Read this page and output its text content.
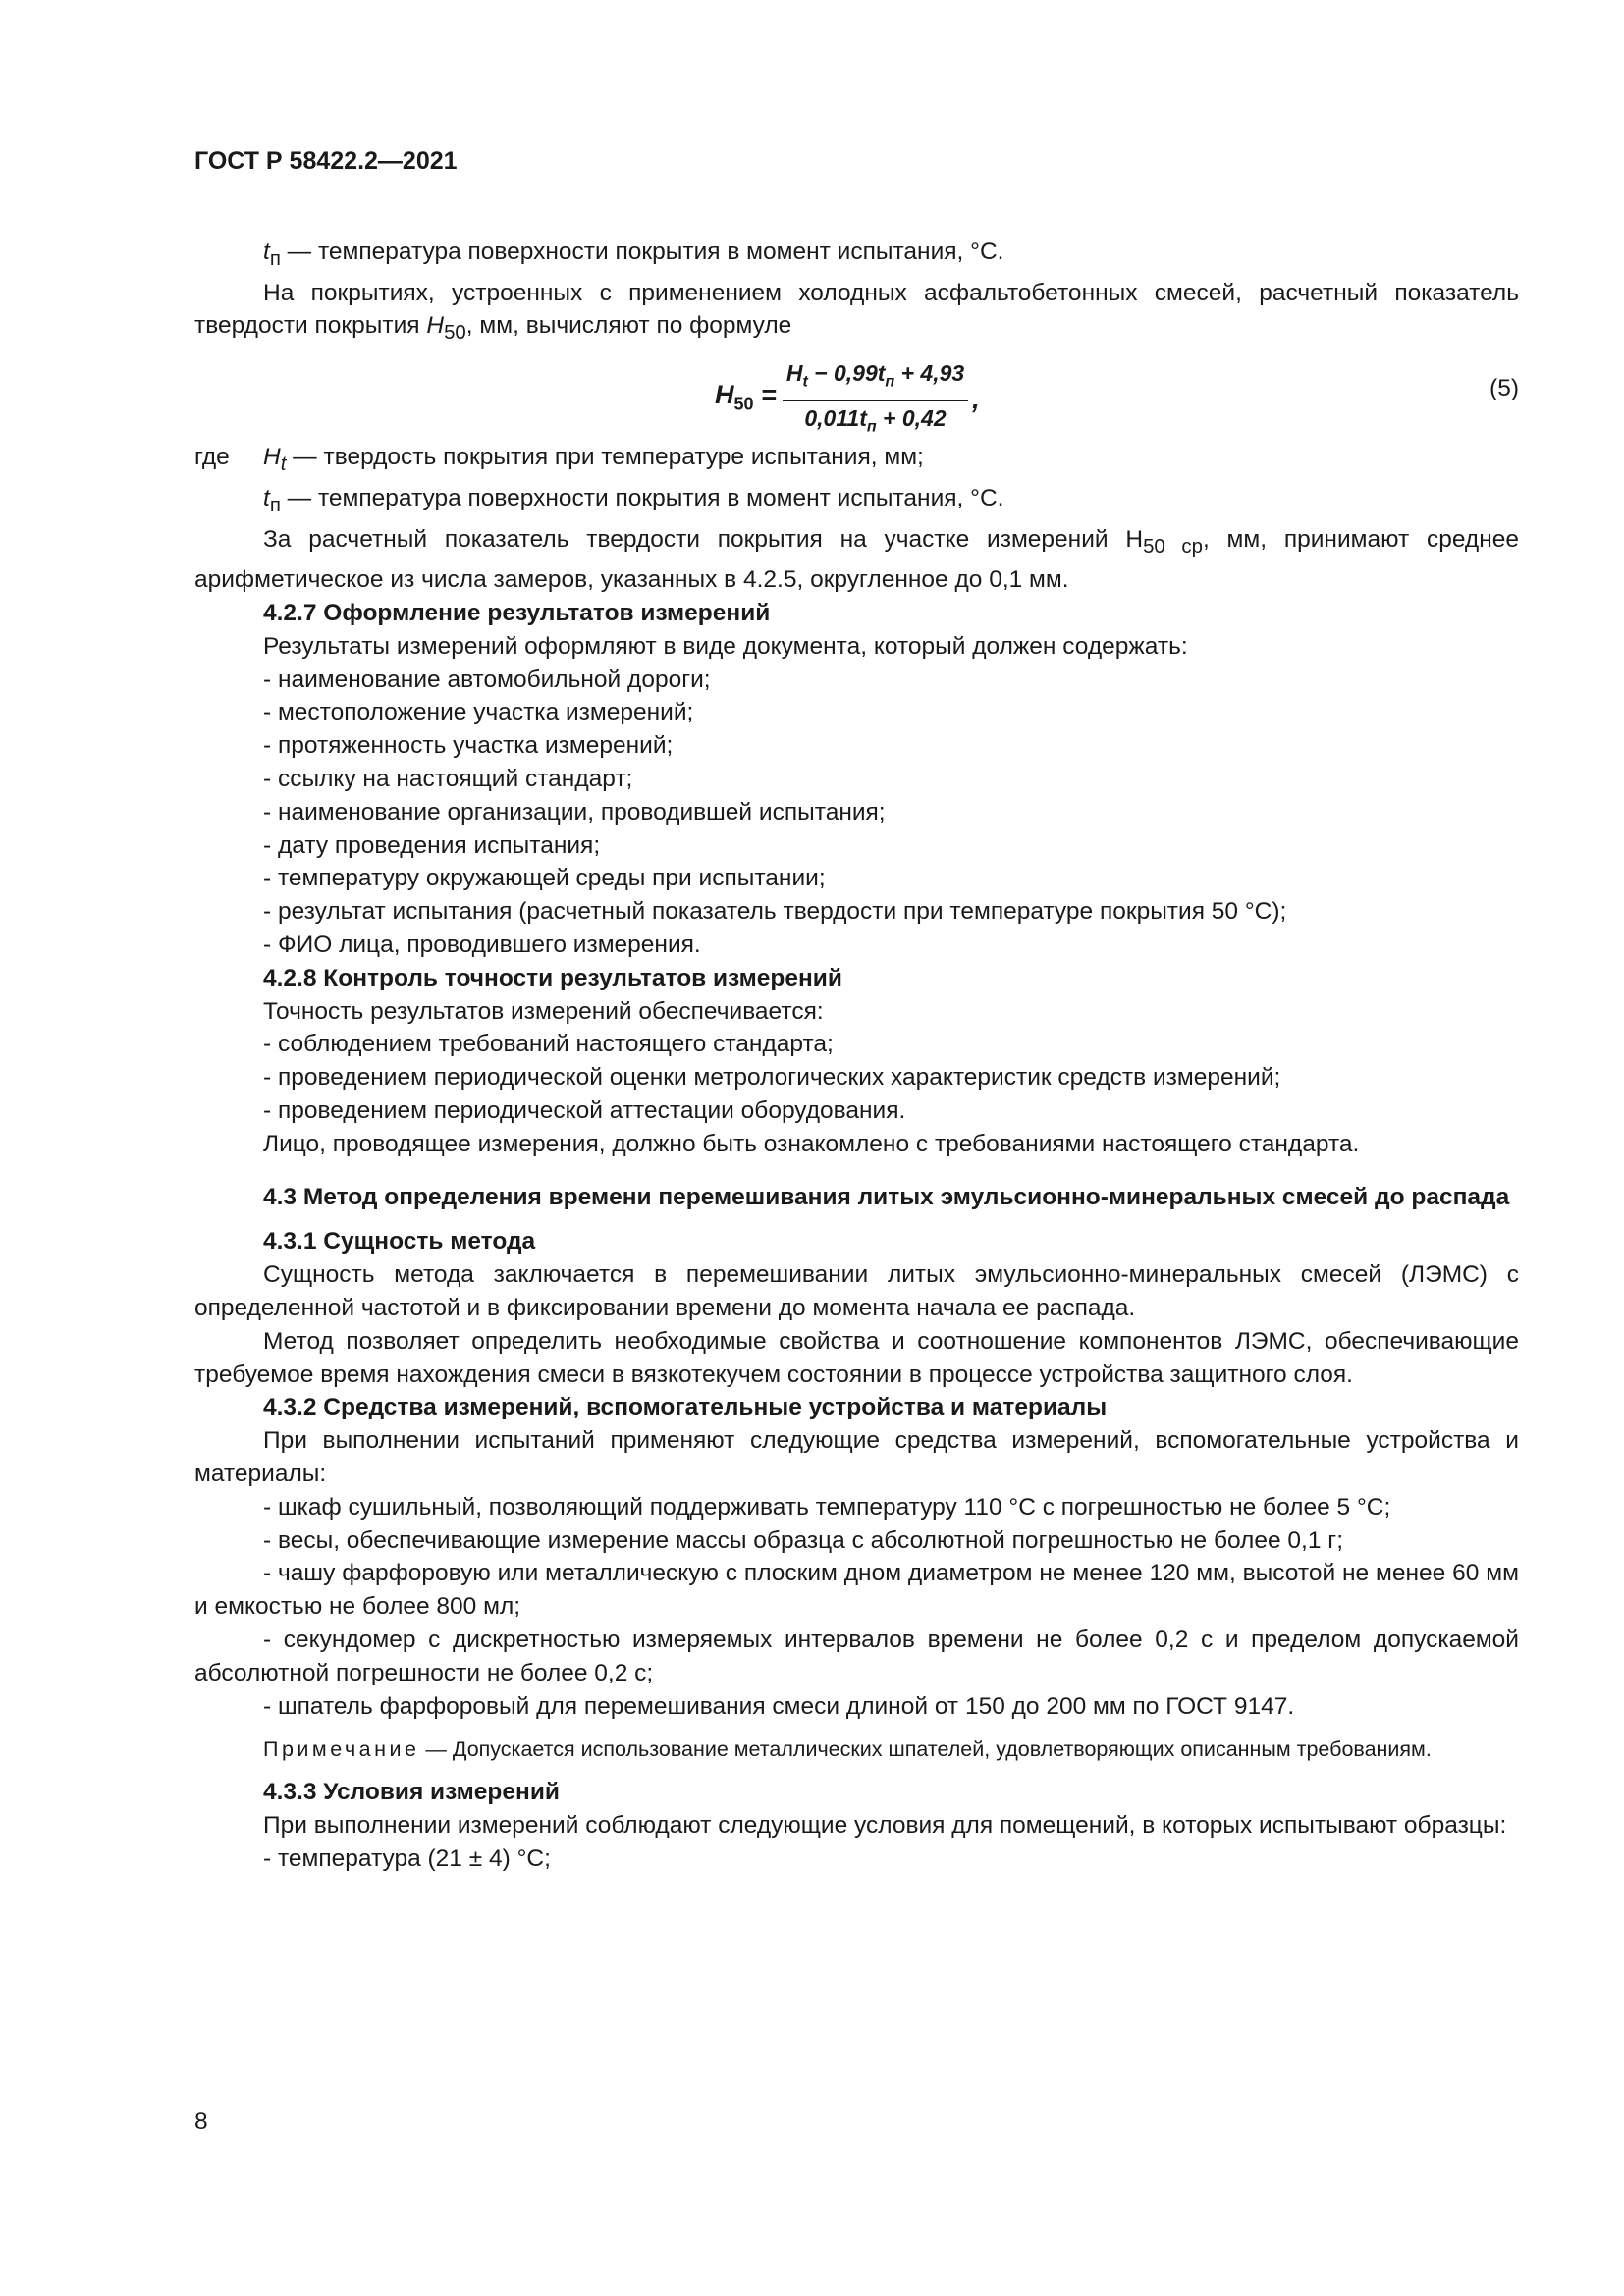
ГОСТ Р 58422.2—2021

$t_п$ — температура поверхности покрытия в момент испытания, °С.

На покрытиях, устроенных с применением холодных асфальтобетонных смесей, расчетный показатель твердости покрытия $H_{50}$, мм, вычисляют по формуле

$H_{50} = \frac{H_t - 0,99t_п + 4,93}{0,011t_п + 0,42}$ ,	(5)
где	$H_t$ — твердость покрытия при температуре испытания, мм;

$t_п$ — температура поверхности покрытия в момент испытания, °С.

За расчетный показатель твердости покрытия на участке измерений $H_{50 ср}$, мм, принимают среднее арифметическое из числа замеров, указанных в 4.2.5, округленное до 0,1 мм.

4.2.7 Оформление результатов измерений

Результаты измерений оформляют в виде документа, который должен содержать:

- наименование автомобильной дороги;

- местоположение участка измерений;

- протяженность участка измерений;

- ссылку на настоящий стандарт;

- наименование организации, проводившей испытания;

- дату проведения испытания;

- температуру окружающей среды при испытании;

- результат испытания (расчетный показатель твердости при температуре покрытия 50 °С);

- ФИО лица, проводившего измерения.

4.2.8 Контроль точности результатов измерений

Точность результатов измерений обеспечивается:

- соблюдением требований настоящего стандарта;

- проведением периодической оценки метрологических характеристик средств измерений;

- проведением периодической аттестации оборудования.

Лицо, проводящее измерения, должно быть ознакомлено с требованиями настоящего стандарта.

4.3 Метод определения времени перемешивания литых эмульсионно-минеральных смесей до распада

4.3.1 Сущность метода

Сущность метода заключается в перемешивании литых эмульсионно-минеральных смесей (ЛЭМС) с определенной частотой и в фиксировании времени до момента начала ее распада.

Метод позволяет определить необходимые свойства и соотношение компонентов ЛЭМС, обеспечивающие требуемое время нахождения смеси в вязкотекучем состоянии в процессе устройства защитного слоя.

4.3.2 Средства измерений, вспомогательные устройства и материалы

При выполнении испытаний применяют следующие средства измерений, вспомогательные устройства и материалы:

- шкаф сушильный, позволяющий поддерживать температуру 110 °С с погрешностью не более 5 °С;

- весы, обеспечивающие измерение массы образца с абсолютной погрешностью не более 0,1 г;

- чашу фарфоровую или металлическую с плоским дном диаметром не менее 120 мм, высотой не менее 60 мм и емкостью не более 800 мл;

- секундомер с дискретностью измеряемых интервалов времени не более 0,2 с и пределом допускаемой абсолютной погрешности не более 0,2 с;

- шпатель фарфоровый для перемешивания смеси длиной от 150 до 200 мм по ГОСТ 9147.

Примечание — Допускается использование металлических шпателей, удовлетворяющих описанным требованиям.

4.3.3 Условия измерений

При выполнении измерений соблюдают следующие условия для помещений, в которых испытывают образцы:

- температура (21 ± 4) °С;

8
